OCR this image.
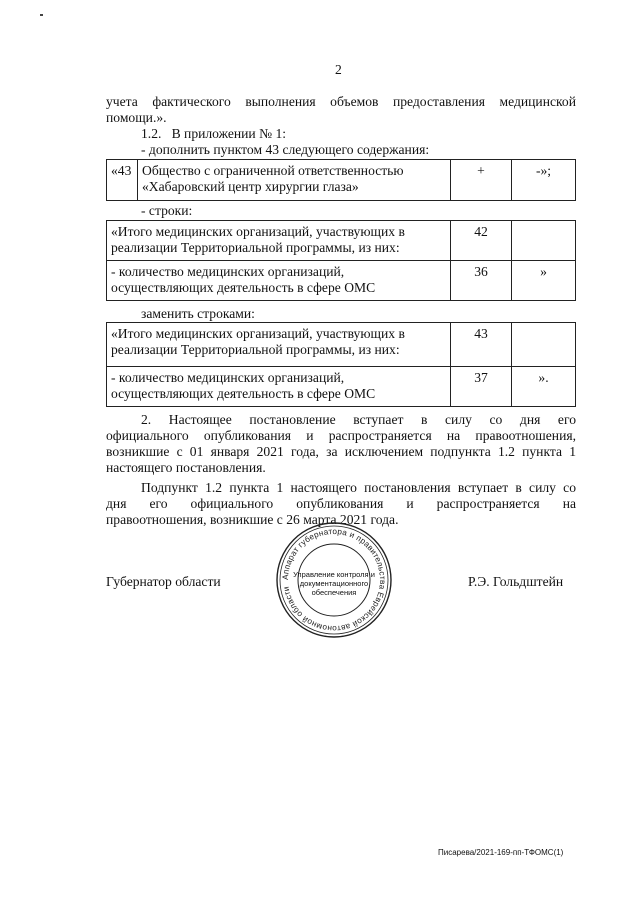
2
учета фактического выполнения объемов предоставления медицинской
помощи.».
1.2.   В приложении № 1:
- дополнить пунктом 43 следующего содержания:
«43	Общество с ограниченной ответственностью
«Хабаровский центр хирургии глаза»
	+	-»;
- строки:
«Итого медицинских организаций, участвующих в
реализации Территориальной программы, из них:	42	

- количество медицинских организаций,
осуществляющих деятельность в сфере ОМС	36	»
заменить строками:
«Итого медицинских организаций, участвующих в
реализации Территориальной программы, из них:	43	

- количество медицинских организаций,
осуществляющих деятельность в сфере ОМС	37	».
2. Настоящее постановление вступает в силу со дня его
официального опубликования и распространяется на правоотношения,
возникшие с 01 января 2021 года, за исключением подпункта 1.2 пункта 1
настоящего постановления.
Подпункт 1.2 пункта 1 настоящего постановления вступает в силу со
дня его официального опубликования и распространяется на
правоотношения, возникшие с 26 марта 2021 года.
Губернатор области	Р.Э. Гольдштейн
Аппарат губернатора и правительства Еврейской автономной области
Управление контроля и
документационного
обеспечения
Писарева/2021-169-пп-ТФОМС(1)
